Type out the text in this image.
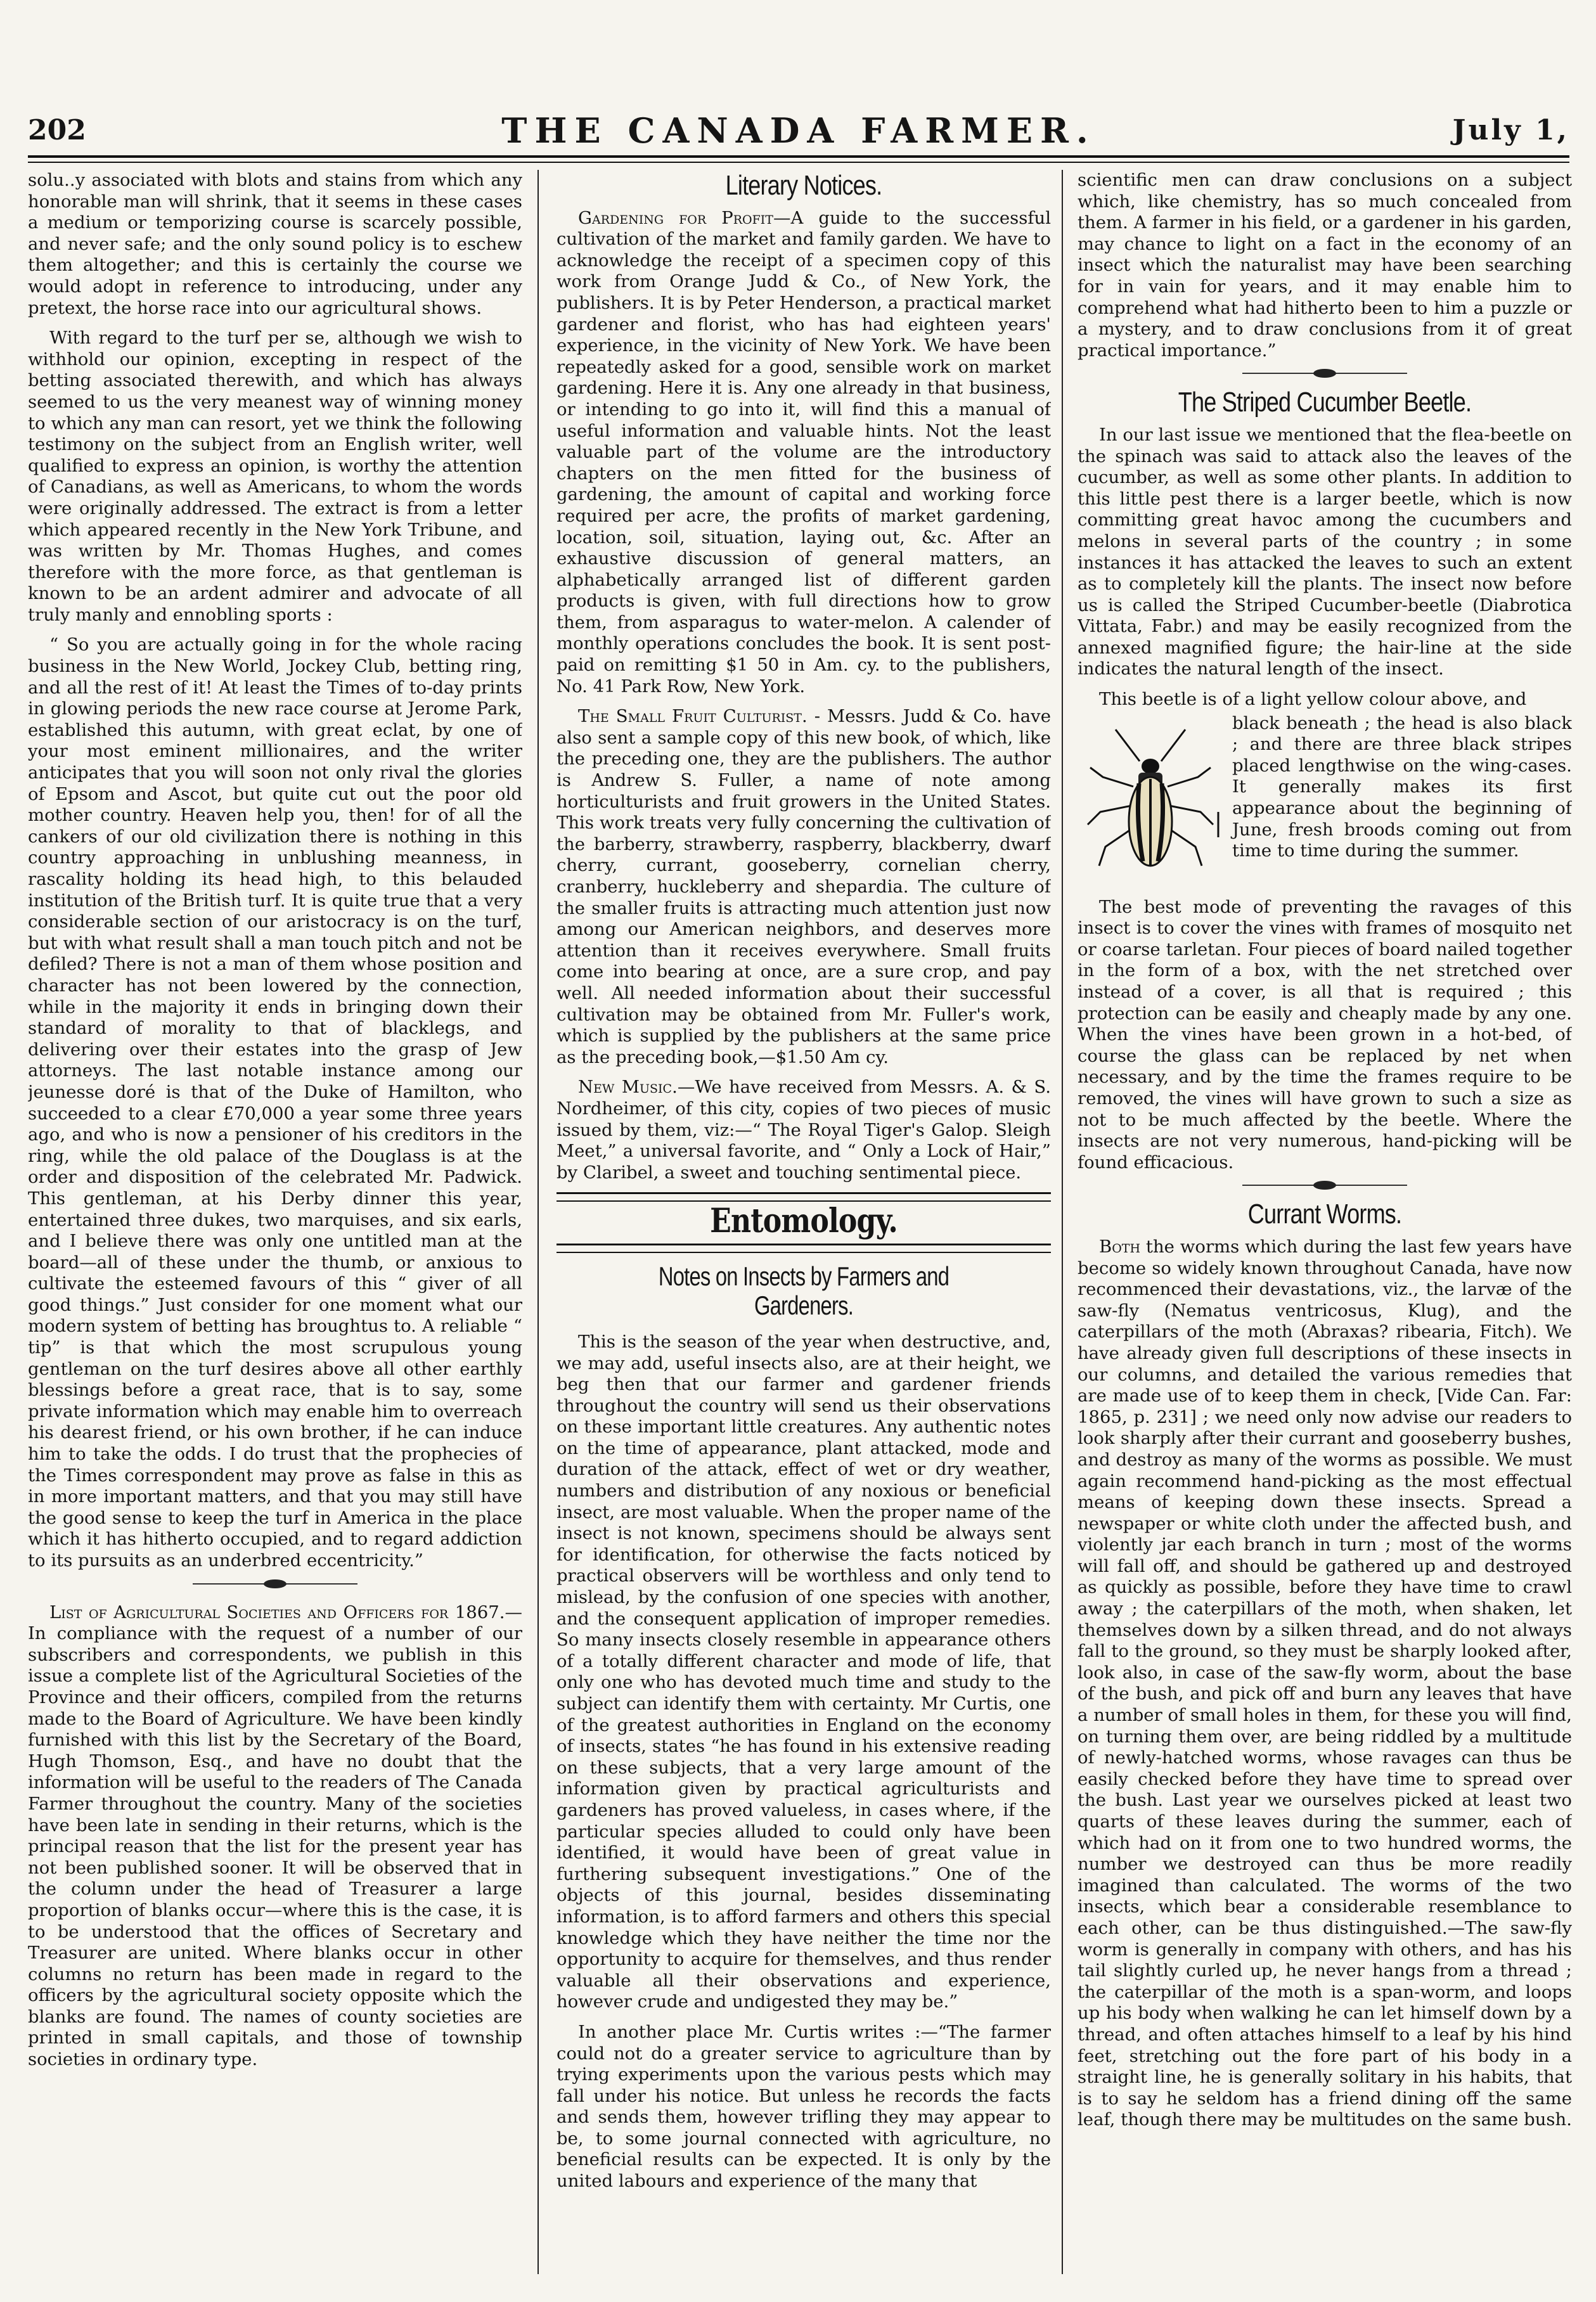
202	THE CANADA FARMER.	July 1,

solu..y associated with blots and stains from which any honorable man will shrink, that it seems in these cases a medium or temporizing course is scarcely possible, and never safe; and the only sound policy is to eschew them altogether; and this is certainly the course we would adopt in reference to introducing, under any pretext, the horse race into our agricultural shows.

With regard to the turf per se, although we wish to withhold our opinion, excepting in respect of the betting associated therewith, and which has always seemed to us the very meanest way of winning money to which any man can resort, yet we think the following testimony on the subject from an English writer, well qualified to express an opinion, is worthy the attention of Canadians, as well as Americans, to whom the words were originally addressed. The extract is from a letter which appeared recently in the New York Tribune, and was written by Mr. Thomas Hughes, and comes therefore with the more force, as that gentleman is known to be an ardent admirer and advocate of all truly manly and ennobling sports :

“ So you are actually going in for the whole racing business in the New World, Jockey Club, betting ring, and all the rest of it! At least the Times of to-day prints in glowing periods the new race course at Jerome Park, established this autumn, with great eclat, by one of your most eminent millionaires, and the writer anticipates that you will soon not only rival the glories of Epsom and Ascot, but quite cut out the poor old mother country. Heaven help you, then! for of all the cankers of our old civilization there is nothing in this country approaching in unblushing meanness, in rascality holding its head high, to this belauded institution of the British turf. It is quite true that a very considerable section of our aristocracy is on the turf, but with what result shall a man touch pitch and not be defiled? There is not a man of them whose position and character has not been lowered by the connection, while in the majority it ends in bringing down their standard of morality to that of blacklegs, and delivering over their estates into the grasp of Jew attorneys. The last notable instance among our jeunesse doré is that of the Duke of Hamilton, who succeeded to a clear £70,000 a year some three years ago, and who is now a pensioner of his creditors in the ring, while the old palace of the Douglass is at the order and disposition of the celebrated Mr. Padwick. This gentleman, at his Derby dinner this year, entertained three dukes, two marquises, and six earls, and I believe there was only one untitled man at the board—all of these under the thumb, or anxious to cultivate the esteemed favours of this “ giver of all good things.” Just consider for one moment what our modern system of betting has broughtus to. A reliable “ tip” is that which the most scrupulous young gentleman on the turf desires above all other earthly blessings before a great race, that is to say, some private information which may enable him to overreach his dearest friend, or his own brother, if he can induce him to take the odds. I do trust that the prophecies of the Times correspondent may prove as false in this as in more important matters, and that you may still have the good sense to keep the turf in America in the place which it has hitherto occupied, and to regard addiction to its pursuits as an underbred eccentricity.”

List of Agricultural Societies and Officers for 1867.—In compliance with the request of a number of our subscribers and correspondents, we publish in this issue a complete list of the Agricultural Societies of the Province and their officers, compiled from the returns made to the Board of Agriculture. We have been kindly furnished with this list by the Secretary of the Board, Hugh Thomson, Esq., and have no doubt that the information will be useful to the readers of The Canada Farmer throughout the country. Many of the societies have been late in sending in their returns, which is the principal reason that the list for the present year has not been published sooner. It will be observed that in the column under the head of Treasurer a large proportion of blanks occur—where this is the case, it is to be understood that the offices of Secretary and Treasurer are united. Where blanks occur in other columns no return has been made in regard to the officers by the agricultural society opposite which the blanks are found. The names of county societies are printed in small capitals, and those of township societies in ordinary type.

Literary Notices.

Gardening for Profit—A guide to the successful cultivation of the market and family garden. We have to acknowledge the receipt of a specimen copy of this work from Orange Judd & Co., of New York, the publishers. It is by Peter Henderson, a practical market gardener and florist, who has had eighteen years' experience, in the vicinity of New York. We have been repeatedly asked for a good, sensible work on market gardening. Here it is. Any one already in that business, or intending to go into it, will find this a manual of useful information and valuable hints. Not the least valuable part of the volume are the introductory chapters on the men fitted for the business of gardening, the amount of capital and working force required per acre, the profits of market gardening, location, soil, situation, laying out, &c. After an exhaustive discussion of general matters, an alphabetically arranged list of different garden products is given, with full directions how to grow them, from asparagus to water-melon. A calender of monthly operations concludes the book. It is sent post-paid on remitting $1 50 in Am. cy. to the publishers, No. 41 Park Row, New York.

The Small Fruit Culturist. - Messrs. Judd & Co. have also sent a sample copy of this new book, of which, like the preceding one, they are the publishers. The author is Andrew S. Fuller, a name of note among horticulturists and fruit growers in the United States. This work treats very fully concerning the cultivation of the barberry, strawberry, raspberry, blackberry, dwarf cherry, currant, gooseberry, cornelian cherry, cranberry, huckleberry and shepardia. The culture of the smaller fruits is attracting much attention just now among our American neighbors, and deserves more attention than it receives everywhere. Small fruits come into bearing at once, are a sure crop, and pay well. All needed information about their successful cultivation may be obtained from Mr. Fuller's work, which is supplied by the publishers at the same price as the preceding book,—$1.50 Am cy.

New Music.—We have received from Messrs. A. & S. Nordheimer, of this city, copies of two pieces of music issued by them, viz:—“ The Royal Tiger's Galop. Sleigh Meet,” a universal favorite, and “ Only a Lock of Hair,” by Claribel, a sweet and touching sentimental piece.

Entomology.
Notes on Insects by Farmers and Gardeners.

This is the season of the year when destructive, and, we may add, useful insects also, are at their height, we beg then that our farmer and gardener friends throughout the country will send us their observations on these important little creatures. Any authentic notes on the time of appearance, plant attacked, mode and duration of the attack, effect of wet or dry weather, numbers and distribution of any noxious or beneficial insect, are most valuable. When the proper name of the insect is not known, specimens should be always sent for identification, for otherwise the facts noticed by practical observers will be worthless and only tend to mislead, by the confusion of one species with another, and the consequent application of improper remedies. So many insects closely resemble in appearance others of a totally different character and mode of life, that only one who has devoted much time and study to the subject can identify them with certainty. Mr Curtis, one of the greatest authorities in England on the economy of insects, states “he has found in his extensive reading on these subjects, that a very large amount of the information given by practical agriculturists and gardeners has proved valueless, in cases where, if the particular species alluded to could only have been identified, it would have been of great value in furthering subsequent investigations.” One of the objects of this journal, besides disseminating information, is to afford farmers and others this special knowledge which they have neither the time nor the opportunity to acquire for themselves, and thus render valuable all their observations and experience, however crude and undigested they may be.”

In another place Mr. Curtis writes :—“The farmer could not do a greater service to agriculture than by trying experiments upon the various pests which may fall under his notice. But unless he records the facts and sends them, however trifling they may appear to be, to some journal connected with agriculture, no beneficial results can be expected. It is only by the united labours and experience of the many that

scientific men can draw conclusions on a subject which, like chemistry, has so much concealed from them. A farmer in his field, or a gardener in his garden, may chance to light on a fact in the economy of an insect which the naturalist may have been searching for in vain for years, and it may enable him to comprehend what had hitherto been to him a puzzle or a mystery, and to draw conclusions from it of great practical importance.”

The Striped Cucumber Beetle.

In our last issue we mentioned that the flea-beetle on the spinach was said to attack also the leaves of the cucumber, as well as some other plants. In addition to this little pest there is a larger beetle, which is now committing great havoc among the cucumbers and melons in several parts of the country ; in some instances it has attacked the leaves to such an extent as to completely kill the plants. The insect now before us is called the Striped Cucumber-beetle (Diabrotica Vittata, Fabr.) and may be easily recognized from the annexed magnified figure; the hair-line at the side indicates the natural length of the insect.

This beetle is of a light yellow colour above, and

black beneath ; the head is also black ; and there are three black stripes placed lengthwise on the wing-cases. It generally makes its first appearance about the beginning of June, fresh broods coming out from time to time during the summer.

The best mode of preventing the ravages of this insect is to cover the vines with frames of mosquito net or coarse tarletan. Four pieces of board nailed together in the form of a box, with the net stretched over instead of a cover, is all that is required ; this protection can be easily and cheaply made by any one. When the vines have been grown in a hot-bed, of course the glass can be replaced by net when necessary, and by the time the frames require to be removed, the vines will have grown to such a size as not to be much affected by the beetle. Where the insects are not very numerous, hand-picking will be found efficacious.

Currant Worms.

Both the worms which during the last few years have become so widely known throughout Canada, have now recommenced their devastations, viz., the larvæ of the saw-fly (Nematus ventricosus, Klug), and the caterpillars of the moth (Abraxas? ribearia, Fitch). We have already given full descriptions of these insects in our columns, and detailed the various remedies that are made use of to keep them in check, [Vide Can. Far: 1865, p. 231] ; we need only now advise our readers to look sharply after their currant and gooseberry bushes, and destroy as many of the worms as possible. We must again recommend hand-picking as the most effectual means of keeping down these insects. Spread a newspaper or white cloth under the affected bush, and violently jar each branch in turn ; most of the worms will fall off, and should be gathered up and destroyed as quickly as possible, before they have time to crawl away ; the caterpillars of the moth, when shaken, let themselves down by a silken thread, and do not always fall to the ground, so they must be sharply looked after, look also, in case of the saw-fly worm, about the base of the bush, and pick off and burn any leaves that have a number of small holes in them, for these you will find, on turning them over, are being riddled by a multitude of newly-hatched worms, whose ravages can thus be easily checked before they have time to spread over the bush. Last year we ourselves picked at least two quarts of these leaves during the summer, each of which had on it from one to two hundred worms, the number we destroyed can thus be more readily imagined than calculated. The worms of the two insects, which bear a considerable resemblance to each other, can be thus distinguished.—The saw-fly worm is generally in company with others, and has his tail slightly curled up, he never hangs from a thread ; the caterpillar of the moth is a span-worm, and loops up his body when walking he can let himself down by a thread, and often attaches himself to a leaf by his hind feet, stretching out the fore part of his body in a straight line, he is generally solitary in his habits, that is to say he seldom has a friend dining off the same leaf, though there may be multitudes on the same bush.
